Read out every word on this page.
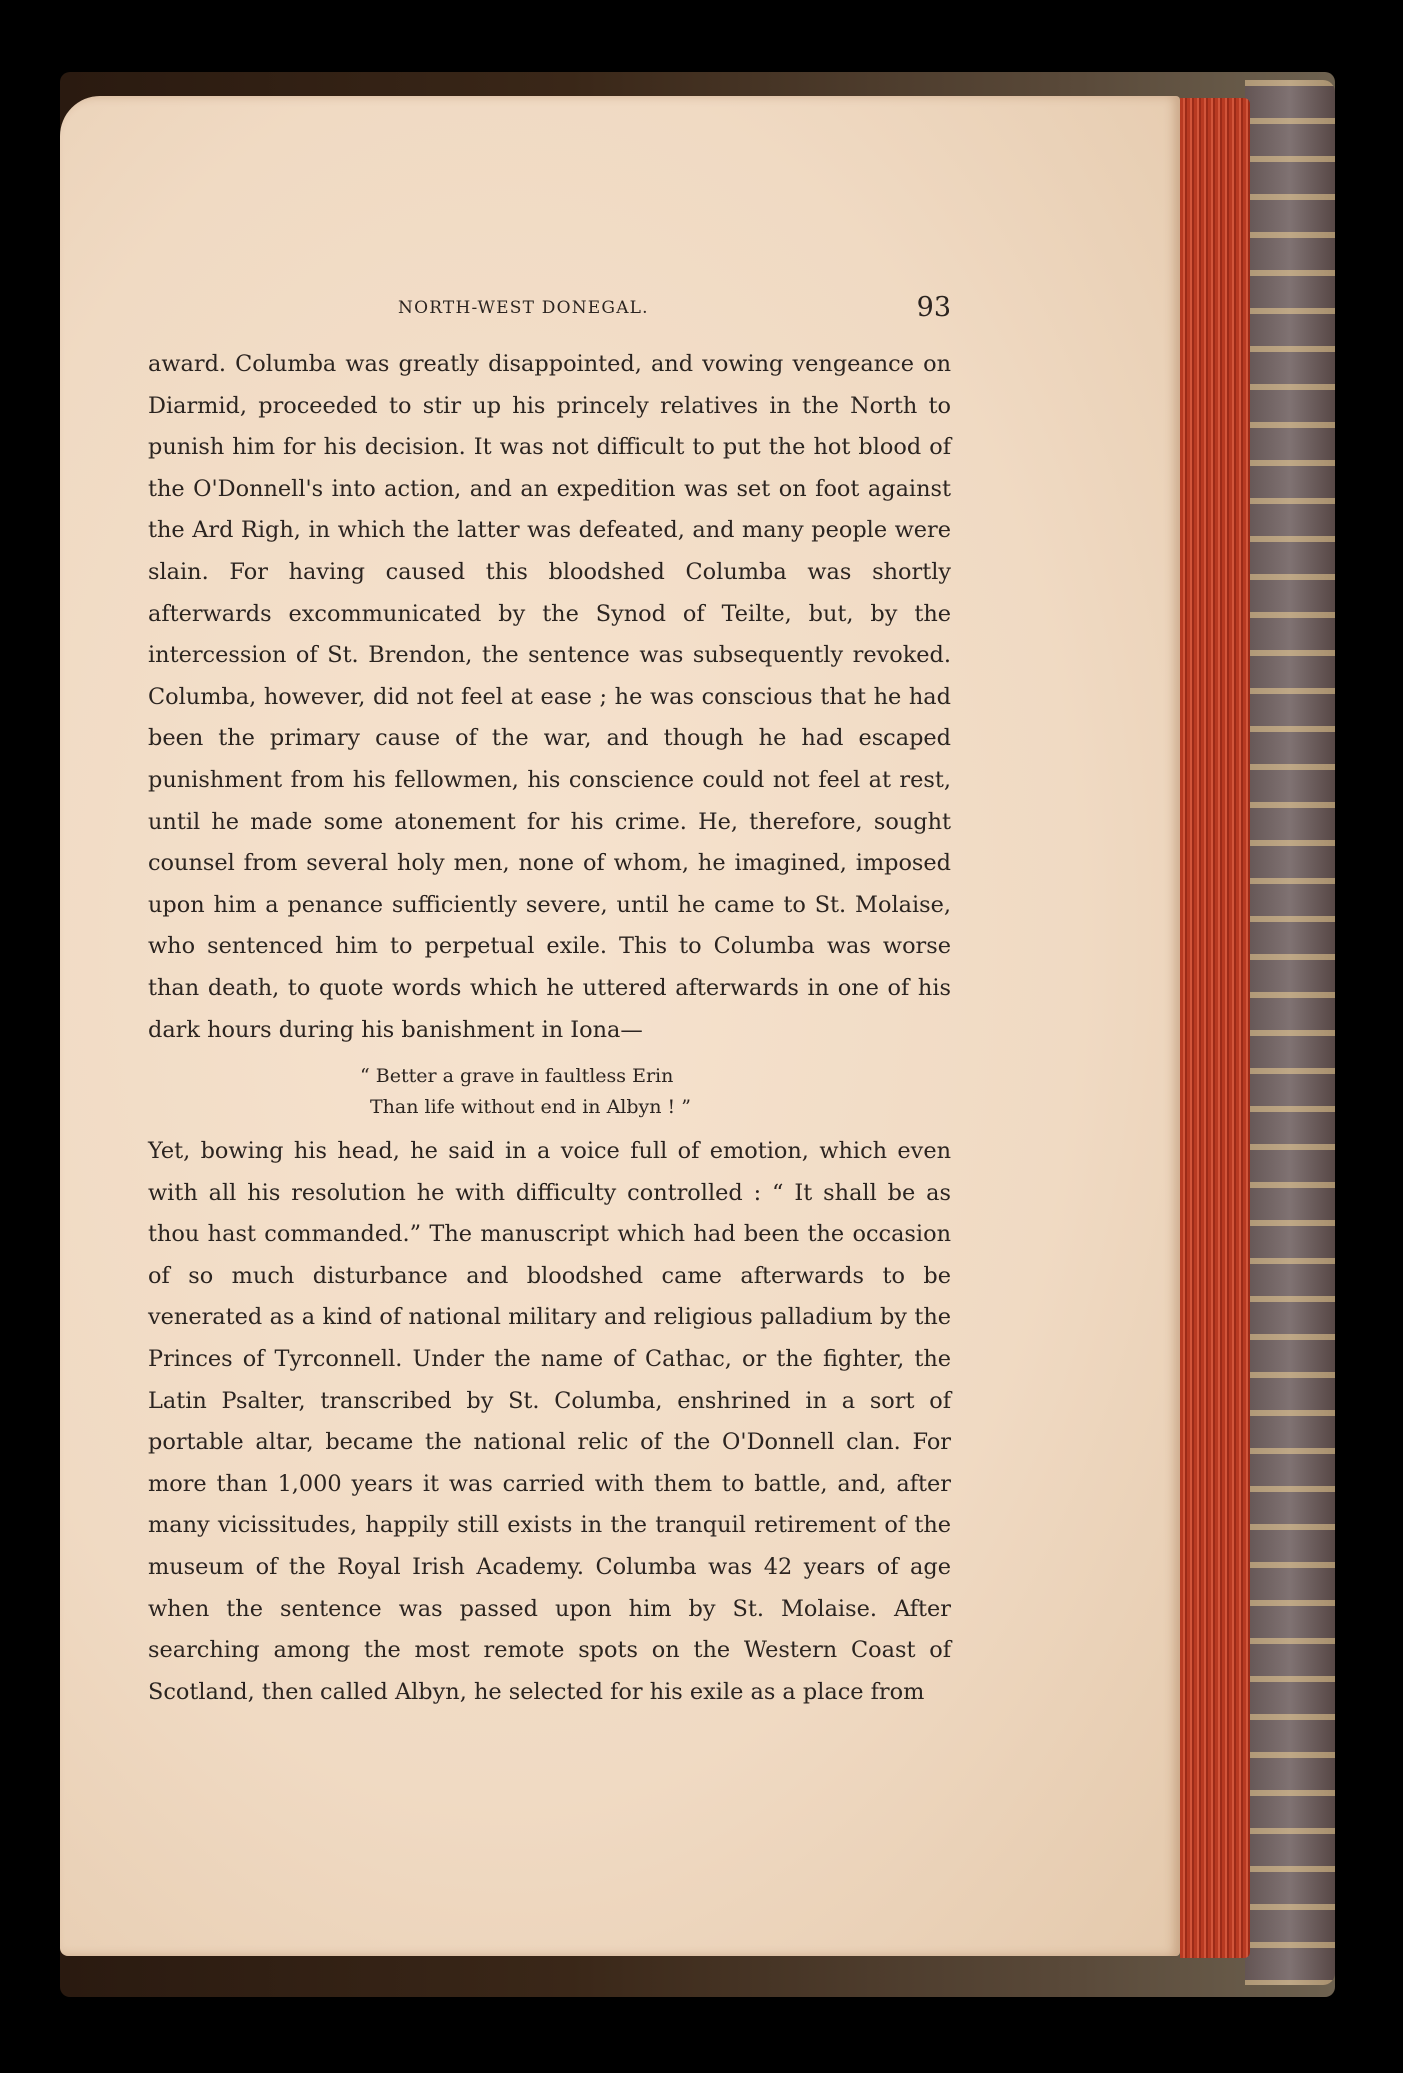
NORTH-WEST DONEGAL.	93

award. Columba was greatly disappointed, and vowing vengeance on Diarmid, proceeded to stir up his princely relatives in the North to punish him for his decision. It was not difficult to put the hot blood of the O'Donnell's into action, and an expedition was set on foot against the Ard Righ, in which the latter was defeated, and many people were slain. For having caused this bloodshed Columba was shortly afterwards excommunicated by the Synod of Teilte, but, by the intercession of St. Brendon, the sentence was subsequently revoked. Columba, however, did not feel at ease ; he was conscious that he had been the primary cause of the war, and though he had escaped punishment from his fellowmen, his conscience could not feel at rest, until he made some atonement for his crime. He, therefore, sought counsel from several holy men, none of whom, he imagined, imposed upon him a penance sufficiently severe, until he came to St. Molaise, who sentenced him to perpetual exile. This to Columba was worse than death, to quote words which he uttered afterwards in one of his dark hours during his banishment in Iona—

“ Better a grave in faultless Erin
Than life without end in Albyn ! ”

Yet, bowing his head, he said in a voice full of emotion, which even with all his resolution he with difficulty controlled : “ It shall be as thou hast commanded.” The manuscript which had been the occasion of so much disturbance and bloodshed came afterwards to be venerated as a kind of national military and religious palladium by the Princes of Tyrconnell. Under the name of Cathac, or the fighter, the Latin Psalter, transcribed by St. Columba, enshrined in a sort of portable altar, became the national relic of the O'Donnell clan. For more than 1,000 years it was carried with them to battle, and, after many vicissitudes, happily still exists in the tranquil retirement of the museum of the Royal Irish Academy. Columba was 42 years of age when the sentence was passed upon him by St. Molaise. After searching among the most remote spots on the Western Coast of Scotland, then called Albyn, he selected for his exile as a place from
